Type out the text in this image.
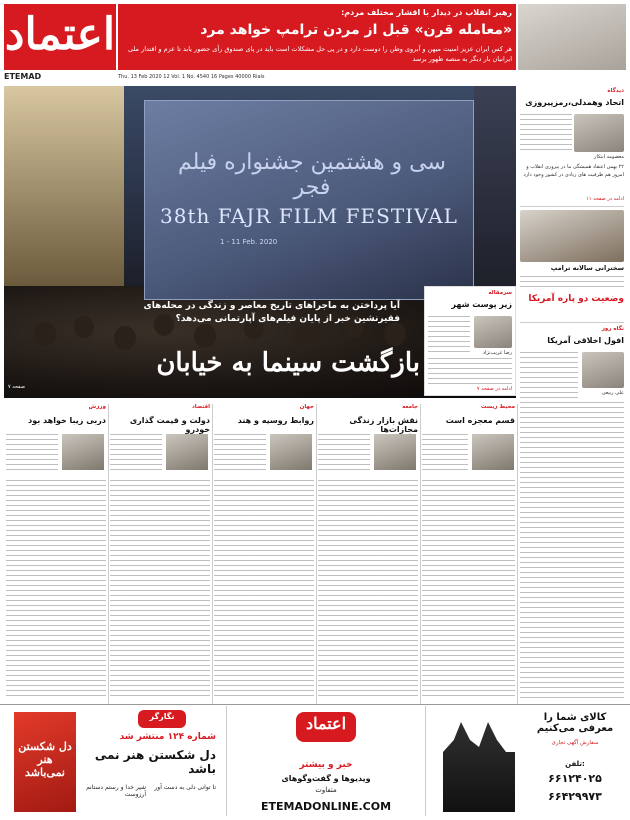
اعتماد
ETEMAD
رهبر انقلاب در دیدار با اقشار مختلف مردم:
«معامله قرن» قبل از مردن ترامپ خواهد مرد
هر کس ایران عزیز امنیت میهن و آبروی وطن را دوست دارد و در پی حل مشکلات است باید در پای صندوق رأی حضور یابد تا عزم و اقتدار ملی ایرانیان بار دیگر به منصه ظهور برسد
Thu. 13 Feb 2020 12 Vol. 1 No. 4540 16 Pages 40000 Rials
سی و هشتمین جشنواره فیلم فجر
38th FAJR FILM FESTIVAL
1 - 11 Feb. 2020
آیا پرداختن به ماجراهای تاریخ معاصر و زندگی در محله‌های فقیرنشین خبر از پایان فیلم‌های آپارتمانی می‌دهد؟
بازگشت سینما به خیابان
صفحه ۷
سرمقاله
زیر پوست شهر
رضا غریب‌نژاد
ادامه در صفحه ۷
دیدگاه
اتحاد وهمدلی،رمزپیروزی
معصومه ابتکار
۲۲ بهمن اعتقاد همیشگی ما در پیروزی انقلاب و امروز هم ظرفیت های زیادی در کشور وجود دارد
ادامه در صفحه ۱۱
سخنرانی سالانه ترامپ
وضعیت دو پاره آمریکا
نگاه روز
افول اخلاقی آمریکا
علی ربیعی
محیط زیست
قسم معجزه است
جامعه
نقش بازار زندگی مجازات‌ها
جهان
روابط روسیه و هند
اقتصاد
دولت و قیمت گذاری خودرو
ورزش
دربی زیبا خواهد بود
دل شکستن هنر نمی‌باشد
نگارگر
شماره ۱۲۴ منتشر شد
دل شکستن هنر نمی باشد
شیر خدا و رستم دستانم آرزوست
تا توانی دلی به دست آور
اعتماد
خبر و بیشتر
ویدیوها و گفت‌وگوهای
متفاوت
ETEMADONLINE.COM
کالای شما را معرفی می‌کنیم
سفارش آگهی تجاری
تلفن:
۶۶۱۲۴۰۲۵
۶۶۴۲۹۹۷۳
